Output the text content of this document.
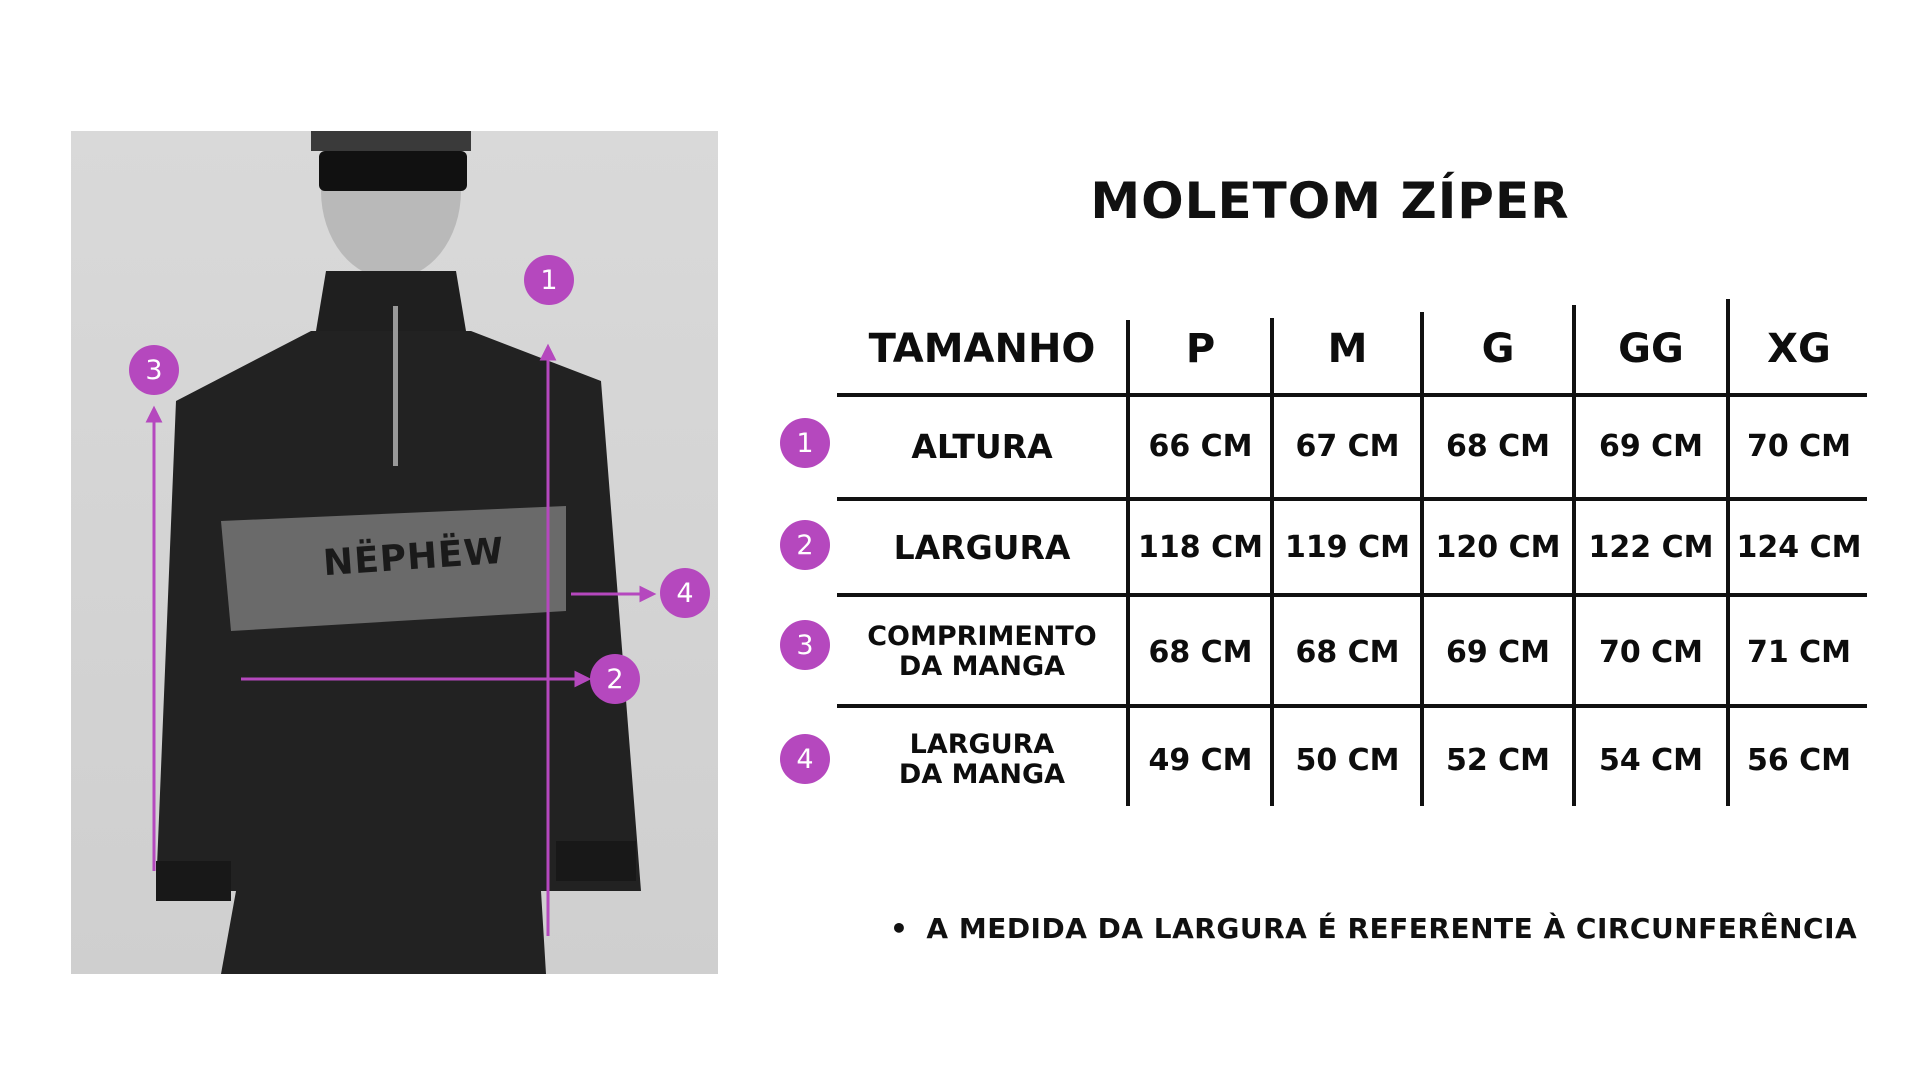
NËPHËW
1
3
4
2
MOLETOM ZÍPER
TAMANHO	P	M	G	GG	XG
1	ALTURA	66 CM	67 CM	68 CM	69 CM	70 CM
2	LARGURA	118 CM 119 CM 120 CM 122 CM 124 CM
3	COMPRIMENTO
DA MANGA	68 CM	68 CM	69 CM	70 CM	71 CM
4	LARGURA
DA MANGA	49 CM	50 CM	52 CM	54 CM	56 CM
• A MEDIDA DA LARGURA É REFERENTE À CIRCUNFERÊNCIA
